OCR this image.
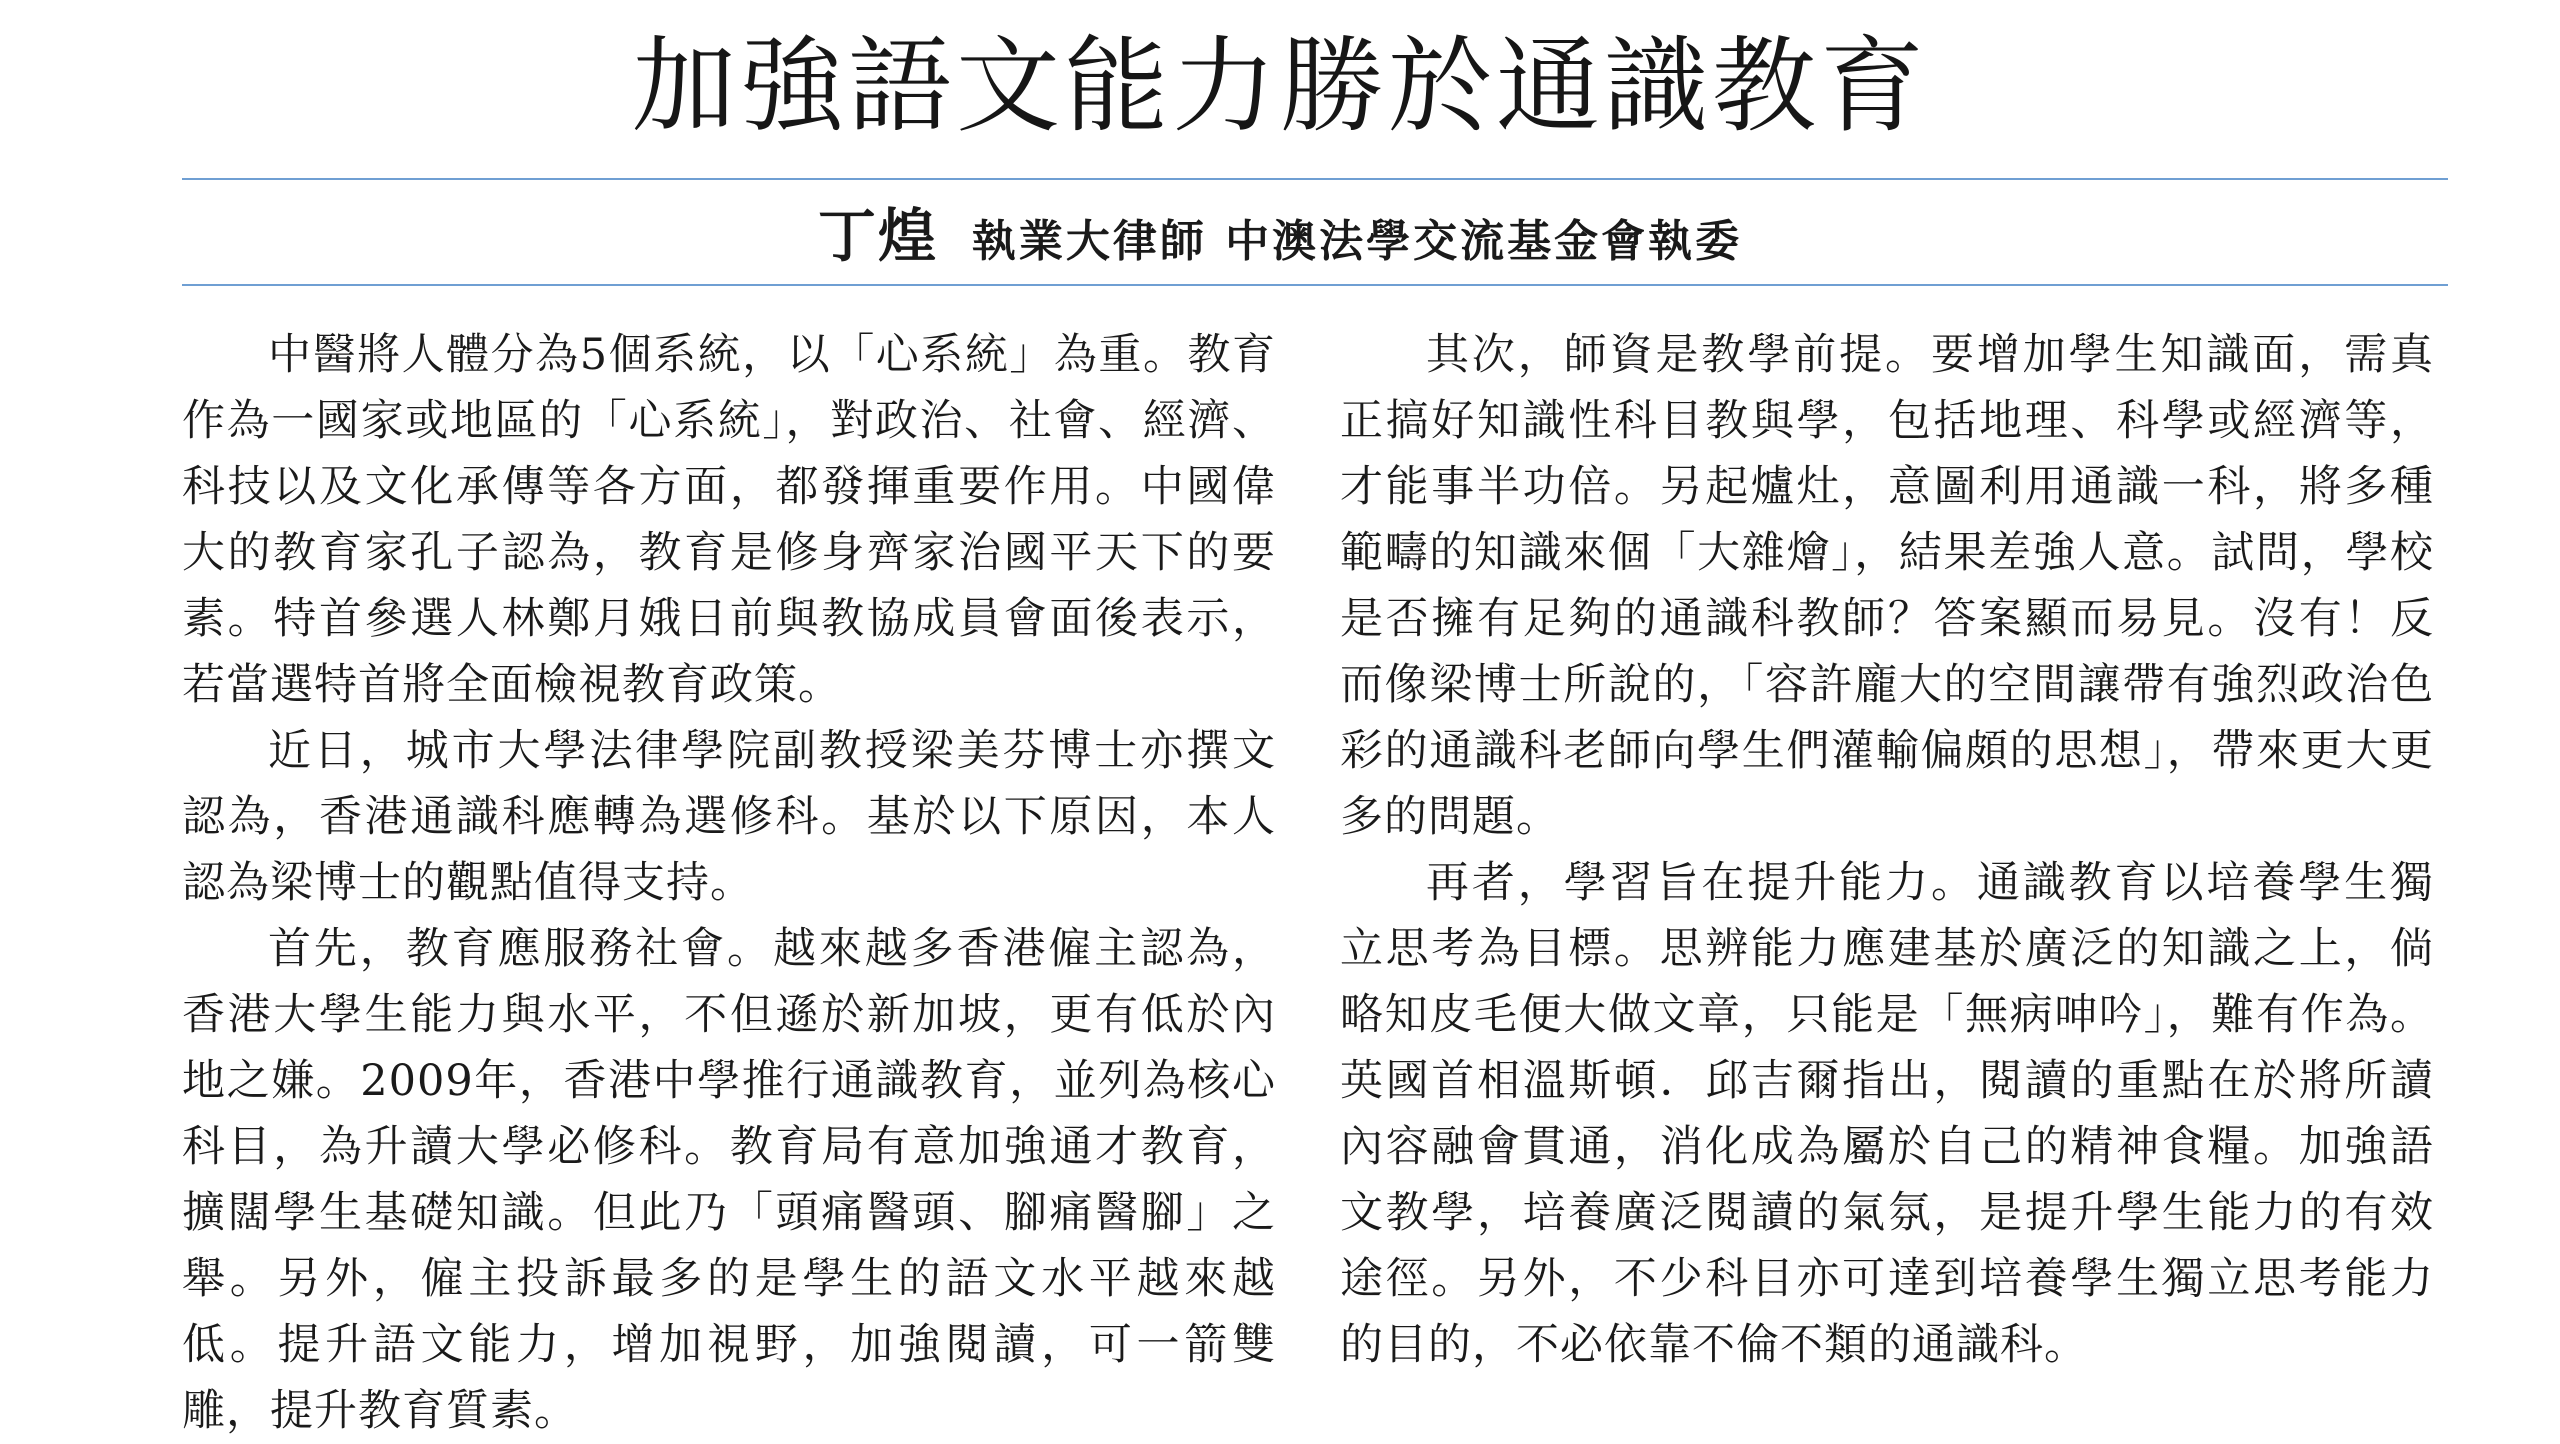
加強語文能力勝於通識教育
丁煌 執業大律師 中澳法學交流基金會執委

中醫將人體分為5個系統，以「心系統」為重。教育作為一國家或地區的「心系統」，對政治、社會、經濟、科技以及文化承傳等各方面，都發揮重要作用。中國偉大的教育家孔子認為，教育是修身齊家治國平天下的要素。特首參選人林鄭月娥日前與教協成員會面後表示，若當選特首將全面檢視教育政策。

近日，城市大學法律學院副教授梁美芬博士亦撰文認為，香港通識科應轉為選修科。基於以下原因，本人認為梁博士的觀點值得支持。

首先，教育應服務社會。越來越多香港僱主認為，香港大學生能力與水平，不但遜於新加坡，更有低於內地之嫌。2009年，香港中學推行通識教育，並列為核心科目，為升讀大學必修科。教育局有意加強通才教育，擴闊學生基礎知識。但此乃「頭痛醫頭、腳痛醫腳」之舉。另外，僱主投訴最多的是學生的語文水平越來越低。提升語文能力，增加視野，加強閱讀，可一箭雙雕，提升教育質素。

其次，師資是教學前提。要增加學生知識面，需真正搞好知識性科目教與學，包括地理、科學或經濟等，才能事半功倍。另起爐灶，意圖利用通識一科，將多種範疇的知識來個「大雜燴」，結果差強人意。試問，學校是否擁有足夠的通識科教師？答案顯而易見。沒有！反而像梁博士所說的，「容許龐大的空間讓帶有強烈政治色彩的通識科老師向學生們灌輸偏頗的思想」，帶來更大更多的問題。

再者，學習旨在提升能力。通識教育以培養學生獨立思考為目標。思辨能力應建基於廣泛的知識之上，倘略知皮毛便大做文章，只能是「無病呻吟」，難有作為。英國首相溫斯頓．邱吉爾指出，閱讀的重點在於將所讀內容融會貫通，消化成為屬於自己的精神食糧。加強語文教學，培養廣泛閱讀的氣氛，是提升學生能力的有效途徑。另外，不少科目亦可達到培養學生獨立思考能力的目的，不必依靠不倫不類的通識科。
